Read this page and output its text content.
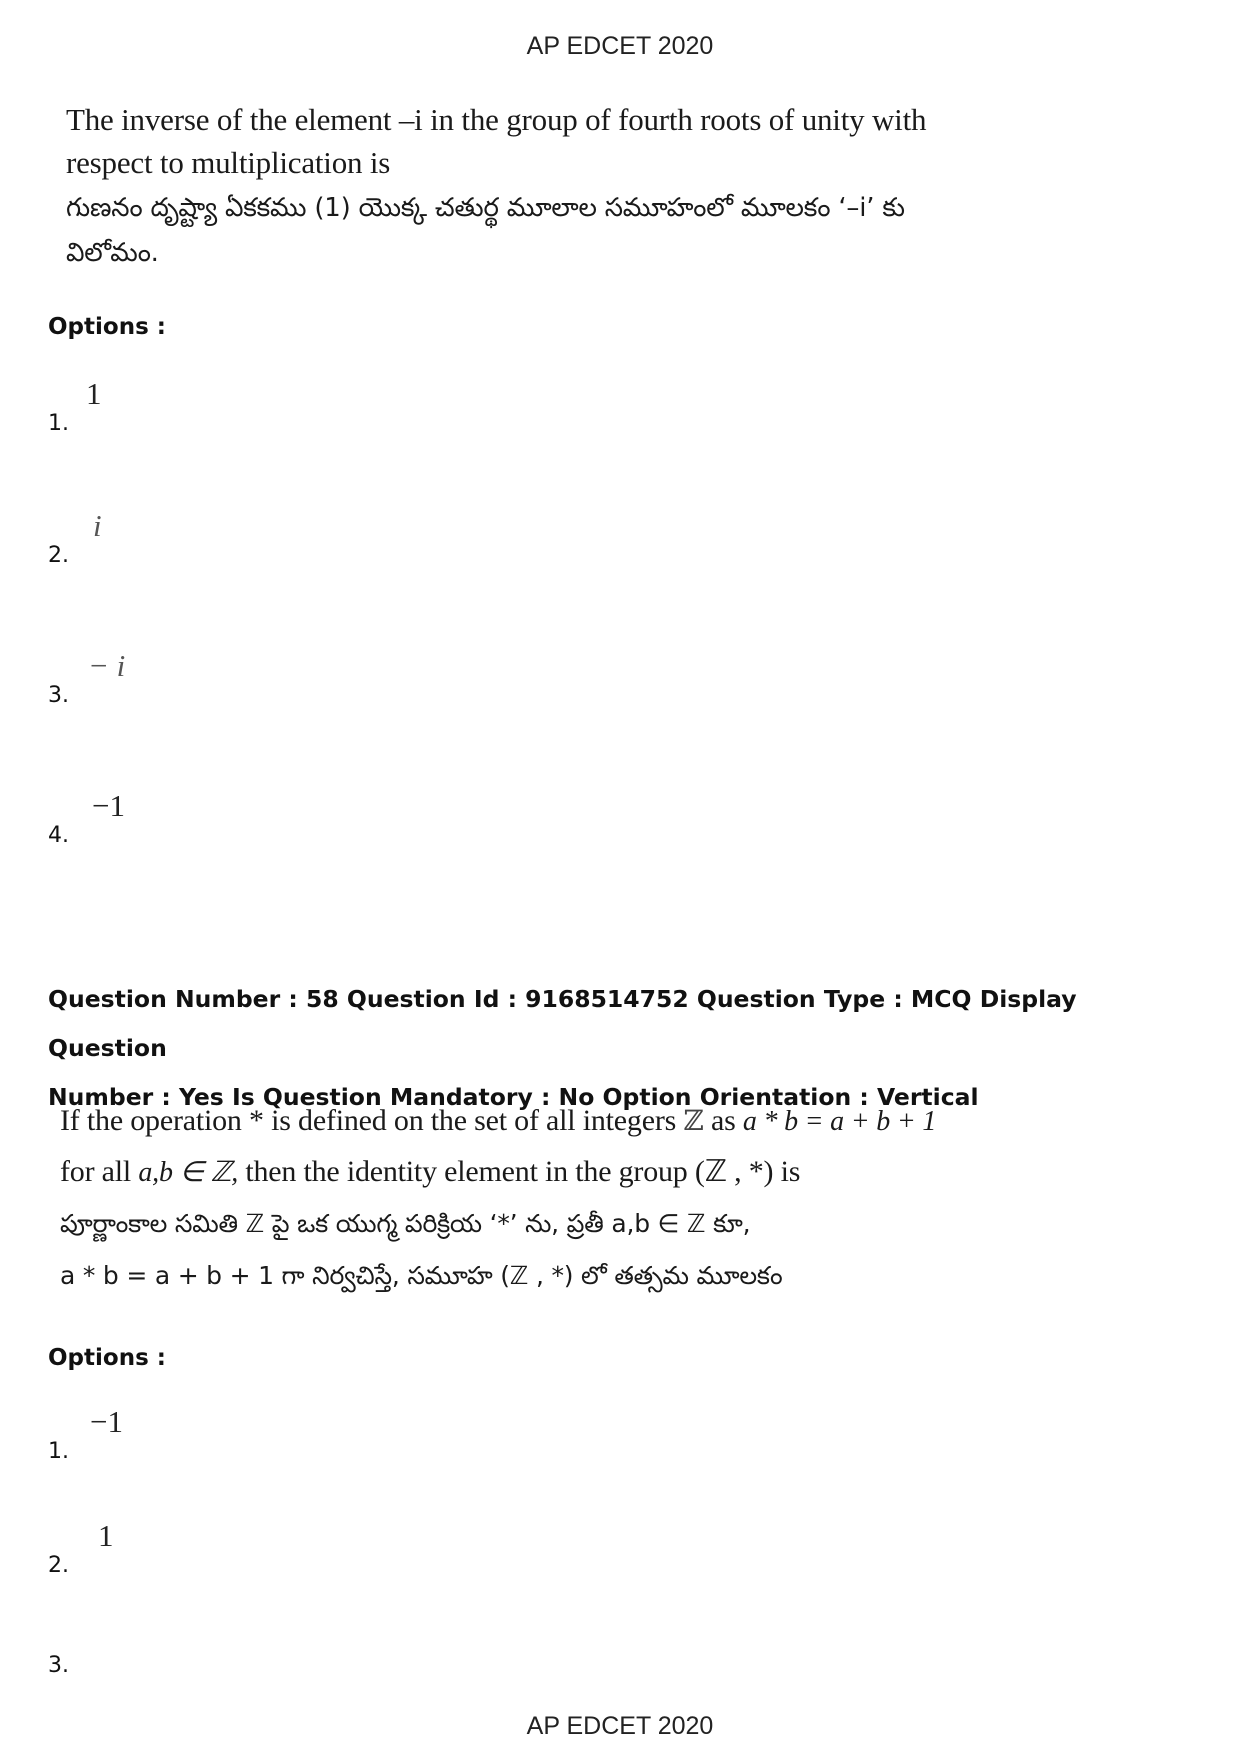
AP EDCET 2020
The inverse of the element –i in the group of fourth roots of unity with
respect to multiplication is
గుణనం దృష్ట్యా ఏకకము (1) యొక్క చతుర్థ మూలాల సమూహంలో మూలకం ‘–i’ కు
విలోమం.
Options :
1.
1
2.
i
3.
− i
4.
−1
Question Number : 58 Question Id : 9168514752 Question Type : MCQ Display Question
Number : Yes Is Question Mandatory : No Option Orientation : Vertical
If the operation * is defined on the set of all integers ℤ as a * b = a + b + 1
for all a,b ∈ ℤ, then the identity element in the group (ℤ , *) is
పూర్ణాంకాల సమితి ℤ పై ఒక యుగ్మ పరిక్రియ ‘*’ ను, ప్రతీ a,b ∈ ℤ కూ,
a * b = a + b + 1 గా నిర్వచిస్తే, సమూహ (ℤ , *) లో తత్సమ మూలకం
Options :
1.
−1
2.
1
3.
AP EDCET 2020
